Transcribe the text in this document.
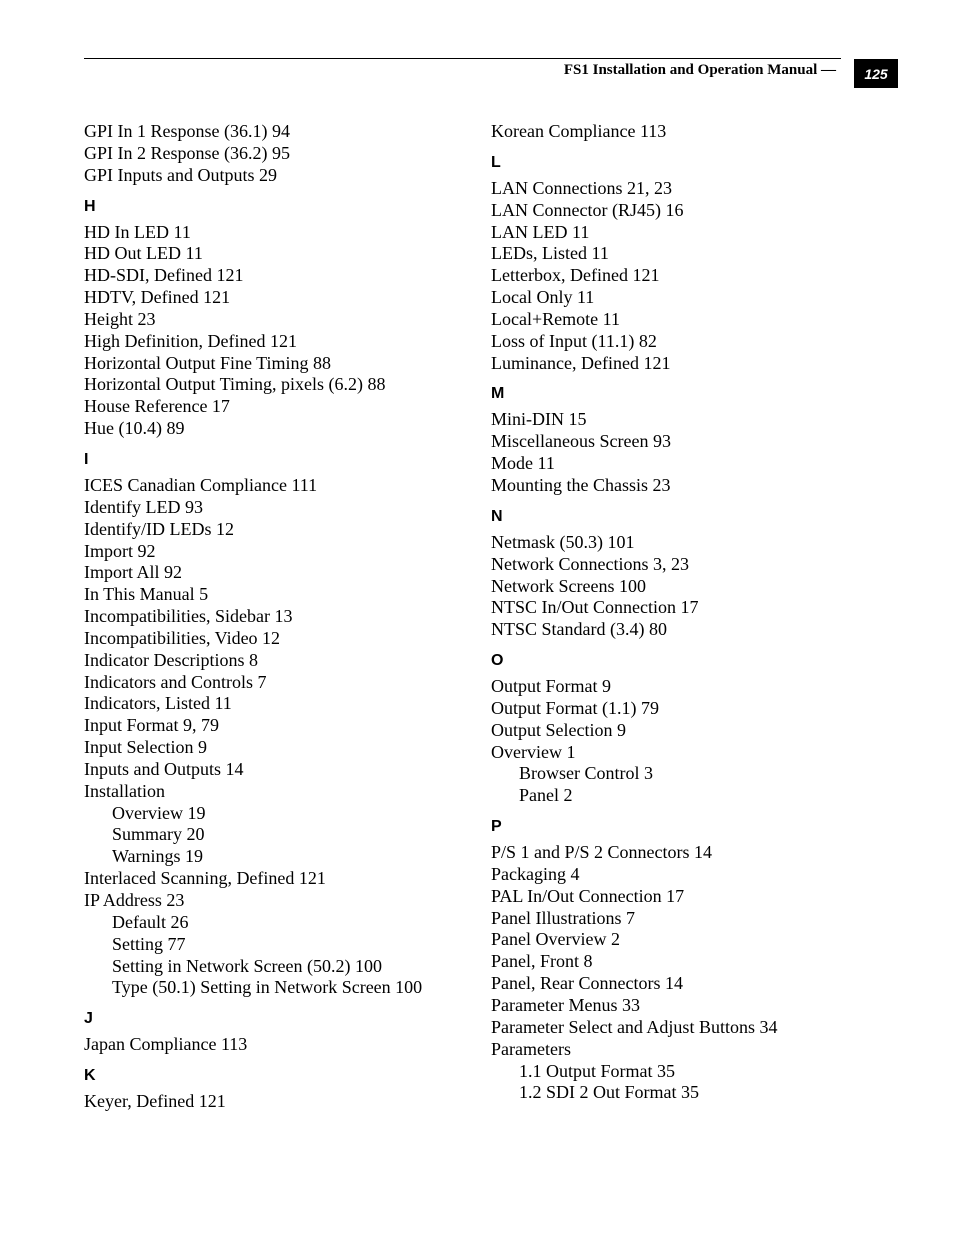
FS1 Installation and Operation Manual — 125
GPI In 1 Response (36.1) 94
GPI In 2 Response (36.2) 95
GPI Inputs and Outputs 29
H
HD In LED 11
HD Out LED 11
HD-SDI, Defined 121
HDTV, Defined 121
Height 23
High Definition, Defined 121
Horizontal Output Fine Timing 88
Horizontal Output Timing, pixels (6.2) 88
House Reference 17
Hue (10.4) 89
I
ICES Canadian Compliance 111
Identify LED 93
Identify/ID LEDs 12
Import 92
Import All 92
In This Manual 5
Incompatibilities, Sidebar 13
Incompatibilities, Video 12
Indicator Descriptions 8
Indicators and Controls 7
Indicators, Listed 11
Input Format 9, 79
Input Selection 9
Inputs and Outputs 14
Installation
Overview 19
Summary 20
Warnings 19
Interlaced Scanning, Defined 121
IP Address 23
Default 26
Setting 77
Setting in Network Screen (50.2) 100
Type (50.1) Setting in Network Screen 100
J
Japan Compliance 113
K
Keyer, Defined 121
Korean Compliance 113
L
LAN Connections 21, 23
LAN Connector (RJ45) 16
LAN LED 11
LEDs, Listed 11
Letterbox, Defined 121
Local Only 11
Local+Remote 11
Loss of Input (11.1) 82
Luminance, Defined 121
M
Mini-DIN 15
Miscellaneous Screen 93
Mode 11
Mounting the Chassis 23
N
Netmask (50.3) 101
Network Connections 3, 23
Network Screens 100
NTSC In/Out Connection 17
NTSC Standard (3.4) 80
O
Output Format 9
Output Format (1.1) 79
Output Selection 9
Overview 1
Browser Control 3
Panel 2
P
P/S 1 and P/S 2 Connectors 14
Packaging 4
PAL In/Out Connection 17
Panel Illustrations 7
Panel Overview 2
Panel, Front 8
Panel, Rear Connectors 14
Parameter Menus 33
Parameter Select and Adjust Buttons 34
Parameters
1.1 Output Format 35
1.2 SDI 2 Out Format 35
